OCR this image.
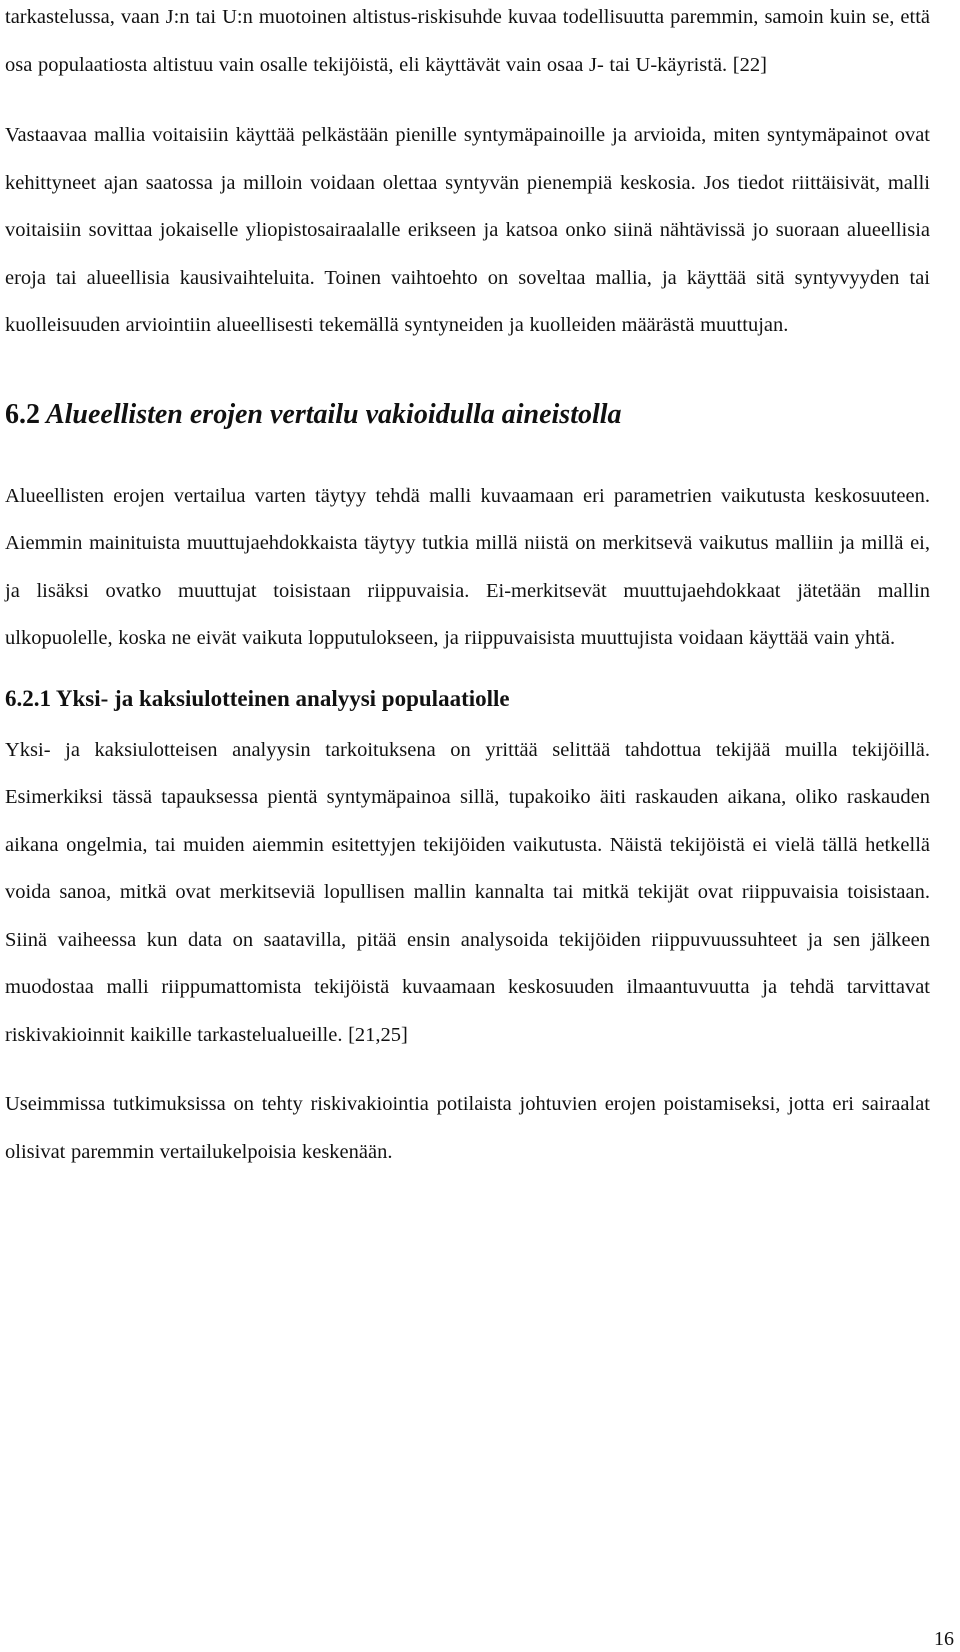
tarkastelussa, vaan J:n tai U:n muotoinen altistus-riskisuhde kuvaa todellisuutta paremmin, samoin kuin se, että osa populaatiosta altistuu vain osalle tekijöistä, eli käyttävät vain osaa J- tai U-käyristä. [22]

Vastaavaa mallia voitaisiin käyttää pelkästään pienille syntymäpainoille ja arvioida, miten syntymäpainot ovat kehittyneet ajan saatossa ja milloin voidaan olettaa syntyvän pienempiä keskosia. Jos tiedot riittäisivät, malli voitaisiin sovittaa jokaiselle yliopistosairaalalle erikseen ja katsoa onko siinä nähtävissä jo suoraan alueellisia eroja tai alueellisia kausivaihteluita. Toinen vaihtoehto on soveltaa mallia, ja käyttää sitä syntyvyyden tai kuolleisuuden arviointiin alueellisesti tekemällä syntyneiden ja kuolleiden määrästä muuttujan.

6.2 Alueellisten erojen vertailu vakioidulla aineistolla

Alueellisten erojen vertailua varten täytyy tehdä malli kuvaamaan eri parametrien vaikutusta keskosuuteen. Aiemmin mainituista muuttujaehdokkaista täytyy tutkia millä niistä on merkitsevä vaikutus malliin ja millä ei, ja lisäksi ovatko muuttujat toisistaan riippuvaisia. Ei-merkitsevät muuttujaehdokkaat jätetään mallin ulkopuolelle, koska ne eivät vaikuta lopputulokseen, ja riippuvaisista muuttujista voidaan käyttää vain yhtä.

6.2.1 Yksi- ja kaksiulotteinen analyysi populaatiolle

Yksi- ja kaksiulotteisen analyysin tarkoituksena on yrittää selittää tahdottua tekijää muilla tekijöillä. Esimerkiksi tässä tapauksessa pientä syntymäpainoa sillä, tupakoiko äiti raskauden aikana, oliko raskauden aikana ongelmia, tai muiden aiemmin esitettyjen tekijöiden vaikutusta. Näistä tekijöistä ei vielä tällä hetkellä voida sanoa, mitkä ovat merkitseviä lopullisen mallin kannalta tai mitkä tekijät ovat riippuvaisia toisistaan. Siinä vaiheessa kun data on saatavilla, pitää ensin analysoida tekijöiden riippuvuussuhteet ja sen jälkeen muodostaa malli riippumattomista tekijöistä kuvaamaan keskosuuden ilmaantuvuutta ja tehdä tarvittavat riskivakioinnit kaikille tarkastelualueille. [21,25]

Useimmissa tutkimuksissa on tehty riskivakiointia potilaista johtuvien erojen poistamiseksi, jotta eri sairaalat olisivat paremmin vertailukelpoisia keskenään.

16
